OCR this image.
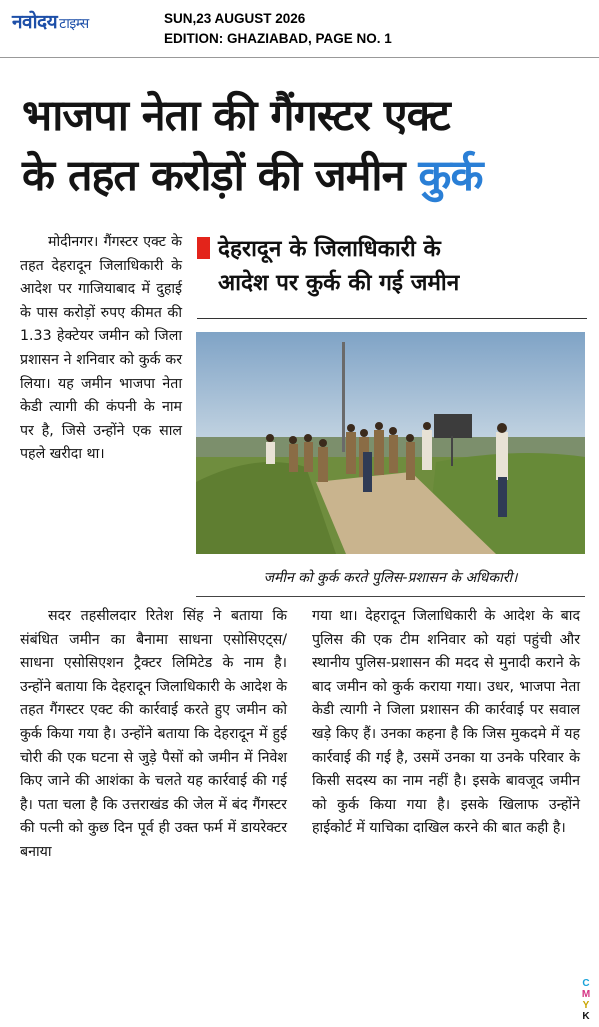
नवोदय टाइम्स	SUN,23 AUGUST 2026
EDITION: GHAZIABAD, PAGE NO. 1
भाजपा नेता की गैंगस्टर एक्ट
के तहत करोड़ों की जमीन कुर्क

मोदीनगर। गैंगस्टर एक्ट के तहत देहरादून जिलाधिकारी के आदेश पर गाजियाबाद में दुहाई के पास करोड़ों रुपए कीमत की 1.33 हेक्टेयर जमीन को जिला प्रशासन ने शनिवार को कुर्क कर लिया। यह जमीन भाजपा नेता केडी त्यागी की कंपनी के नाम पर है, जिसे उन्होंने एक साल पहले खरीदा था।

देहरादून के जिलाधिकारी के
आदेश पर कुर्क की गई जमीन
जमीन को कुर्क करते पुलिस-प्रशासन के अधिकारी।

सदर तहसीलदार रितेश सिंह ने बताया कि संबंधित जमीन का बैनामा साधना एसोसिएट्स/साधना एसोसिएशन ट्रैक्टर लिमिटेड के नाम है। उन्होंने बताया कि देहरादून जिलाधिकारी के आदेश के तहत गैंगस्टर एक्ट की कार्रवाई करते हुए जमीन को कुर्क किया गया है। उन्होंने बताया कि देहरादून में हुई चोरी की एक घटना से जुड़े पैसों को जमीन में निवेश किए जाने की आशंका के चलते यह कार्रवाई की गई है। पता चला है कि उत्तराखंड की जेल में बंद गैंगस्टर की पत्नी को कुछ दिन पूर्व ही उक्त फर्म में डायरेक्टर बनाया

गया था। देहरादून जिलाधिकारी के आदेश के बाद पुलिस की एक टीम शनिवार को यहां पहुंची और स्थानीय पुलिस-प्रशासन की मदद से मुनादी कराने के बाद जमीन को कुर्क कराया गया। उधर, भाजपा नेता केडी त्यागी ने जिला प्रशासन की कार्रवाई पर सवाल खड़े किए हैं। उनका कहना है कि जिस मुकदमे में यह कार्रवाई की गई है, उसमें उनका या उनके परिवार के किसी सदस्य का नाम नहीं है। इसके बावजूद जमीन को कुर्क किया गया है। इसके खिलाफ उन्होंने हाईकोर्ट में याचिका दाखिल करने की बात कही है।

C
M
Y
K
